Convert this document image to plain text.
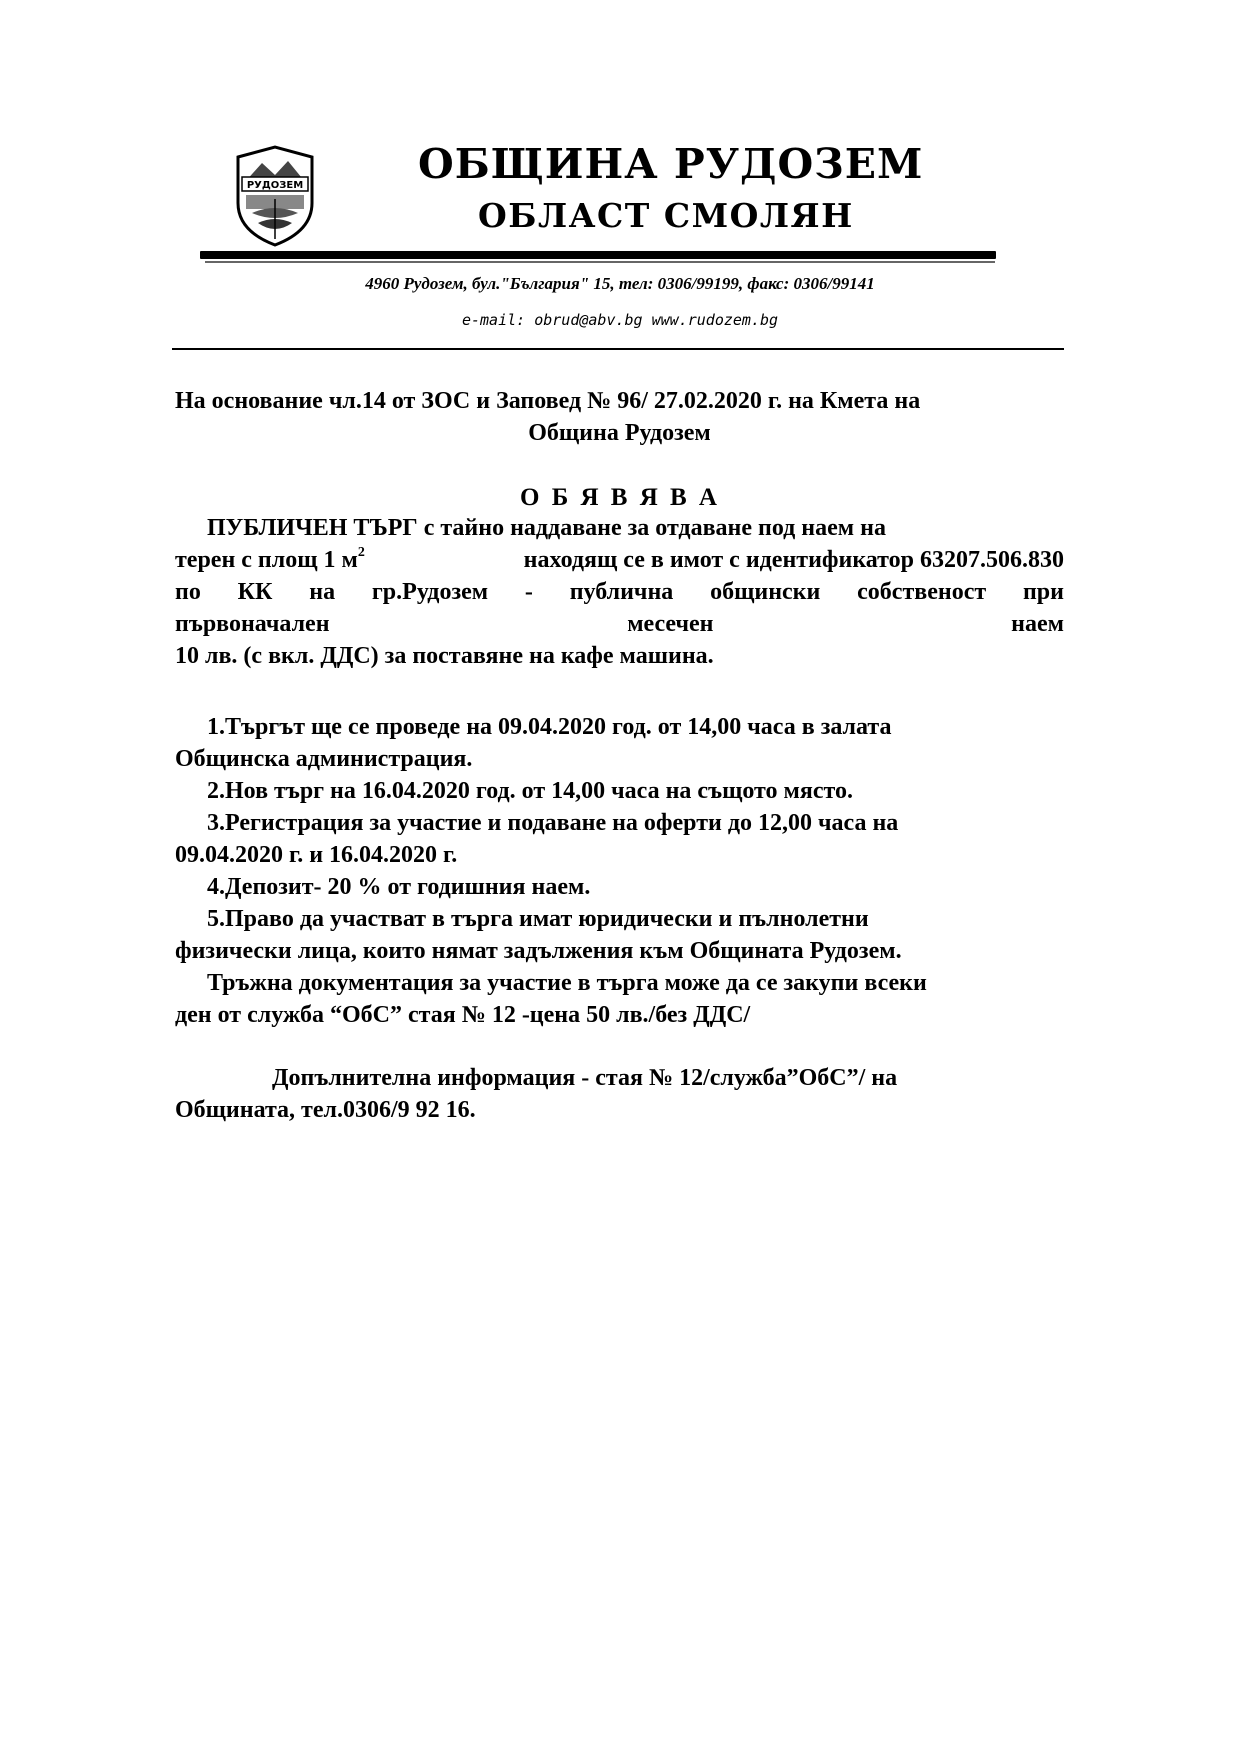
РУДОЗЕМ	ОБЩИНА РУДОЗЕМ
ОБЛАСТ СМОЛЯН
4960 Рудозем, бул."България" 15, тел: 0306/99199, факс: 0306/99141
e-mail: obrud@abv.bg www.rudozem.bg
На основание чл.14 от ЗОС и Заповед № 96/ 27.02.2020 г. на Кмета на
Община Рудозем
О Б Я В Я В А
ПУБЛИЧЕН ТЪРГ с тайно наддаване за отдаване под наем на
терен с площ 1 $м^2$	находящ се в имот с идентификатор 63207.506.830
по КК на гр.Рудозем - публична общински собственост при
първоначален	месечен	наем
10 лв. (с вкл. ДДС) за поставяне на кафе машина.
1.Търгът ще се проведе на 09.04.2020 год. от 14,00 часа в залата
Общинска администрация.
2.Нов търг на 16.04.2020 год. от 14,00 часа на същото място.
3.Регистрация за участие и подаване на оферти до 12,00 часа на
09.04.2020 г. и 16.04.2020 г.
4.Депозит- 20 % от годишния наем.
5.Право да участват в търга имат юридически и пълнолетни
физически лица, които нямат задължения към Общината Рудозем.
Тръжна документация за участие в търга може да се закупи всеки
ден от служба “ОбС” стая № 12 -цена 50 лв./без ДДС/
Допълнителна информация - стая № 12/служба”ОбС”/ на
Общината, тел.0306/9 92 16.
